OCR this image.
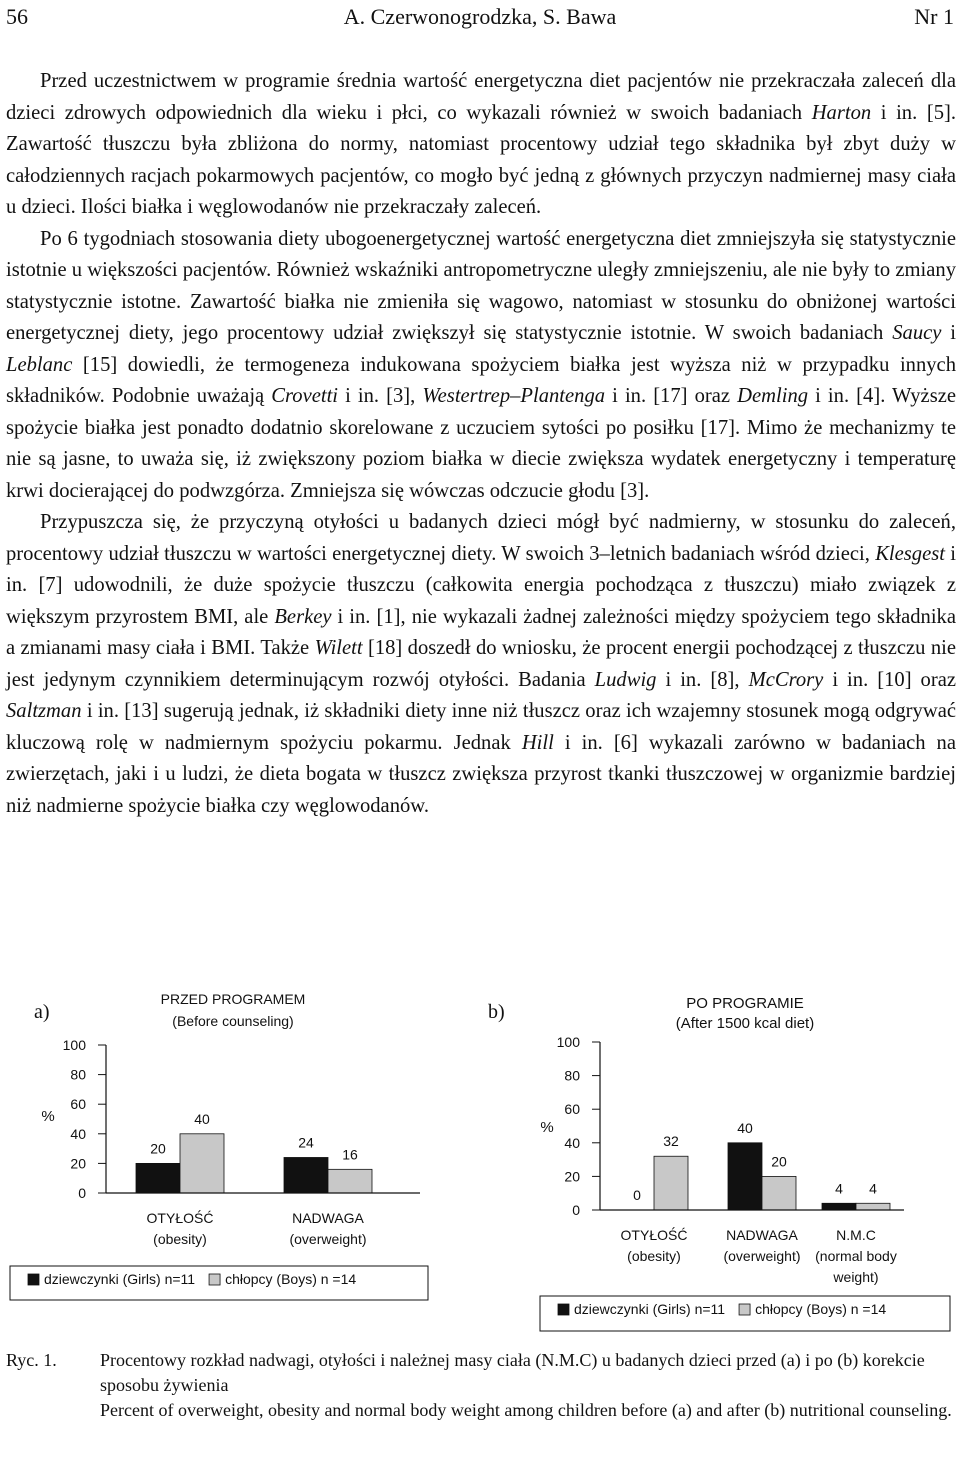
56	A. Czerwonogrodzka, S. Bawa	Nr 1

Przed uczestnictwem w programie średnia wartość energetyczna diet pacjentów nie przekraczała zaleceń dla dzieci zdrowych odpowiednich dla wieku i płci, co wykazali również w swoich badaniach Harton i in. [5]. Zawartość tłuszczu była zbliżona do normy, natomiast procentowy udział tego składnika był zbyt duży w całodziennych racjach pokarmowych pacjentów, co mogło być jedną z głównych przyczyn nadmiernej masy ciała u dzieci. Ilości białka i węglowodanów nie przekraczały zaleceń.

Po 6 tygodniach stosowania diety ubogoenergetycznej wartość energetyczna diet zmniejszyła się statystycznie istotnie u większości pacjentów. Również wskaźniki antropometryczne uległy zmniejszeniu, ale nie były to zmiany statystycznie istotne. Zawartość białka nie zmieniła się wagowo, natomiast w stosunku do obniżonej wartości energetycznej diety, jego procentowy udział zwiększył się statystycznie istotnie. W swoich badaniach Saucy i Leblanc [15] dowiedli, że termogeneza indukowana spożyciem białka jest wyższa niż w przypadku innych składników. Podobnie uważają Crovetti i in. [3], Westertrep–Plantenga i in. [17] oraz Demling i in. [4]. Wyższe spożycie białka jest ponadto dodatnio skorelowane z uczuciem sytości po posiłku [17]. Mimo że mechanizmy te nie są jasne, to uważa się, iż zwiększony poziom białka w diecie zwiększa wydatek energetyczny i temperaturę krwi docierającej do podwzgórza. Zmniejsza się wówczas odczucie głodu [3].

Przypuszcza się, że przyczyną otyłości u badanych dzieci mógł być nadmierny, w stosunku do zaleceń, procentowy udział tłuszczu w wartości energetycznej diety. W swoich 3–letnich badaniach wśród dzieci, Klesgest i in. [7] udowodnili, że duże spożycie tłuszczu (całkowita energia pochodząca z tłuszczu) miało związek z większym przyrostem BMI, ale Berkey i in. [1], nie wykazali żadnej zależności między spożyciem tego składnika a zmianami masy ciała i BMI. Także Wilett [18] doszedł do wniosku, że procent energii pochodzącej z tłuszczu nie jest jedynym czynnikiem determinującym rozwój otyłości. Badania Ludwig i in. [8], McCrory i in. [10] oraz Saltzman i in. [13] sugerują jednak, iż składniki diety inne niż tłuszcz oraz ich wzajemny stosunek mogą odgrywać kluczową rolę w nadmiernym spożyciu pokarmu. Jednak Hill i in. [6] wykazali zarówno w badaniach na zwierzętach, jaki i u ludzi, że dieta bogata w tłuszcz zwiększa przyrost tkanki tłuszczowej w organizmie bardziej niż nadmierne spożycie białka czy węglowodanów.

a)
PRZED PROGRAMEM
(Before counseling)
%
100
80
60
40
20
0
20
40
OTYŁOŚĆ
(obesity)
24
16
NADWAGA
(overweight)
dziewczynki (Girls) n=11 chłopcy (Boys) n =14
b)	PO PROGRAMIE
(After 1500 kcal diet)
%
100
80
60
40
20
0
0
32
OTYŁOŚĆ
(obesity)
40
20
NADWAGA
(overweight)
4 4
N.M.C
(normal body
weight)
dziewczynki (Girls) n=11 chłopcy (Boys) n =14
Ryc. 1. Procentowy rozkład nadwagi, otyłości i należnej masy ciała (N.M.C) u badanych dzieci przed (a) i po (b) korekcie sposobu żywienia
Percent of overweight, obesity and normal body weight among children before (a) and after (b) nutritional counseling.
